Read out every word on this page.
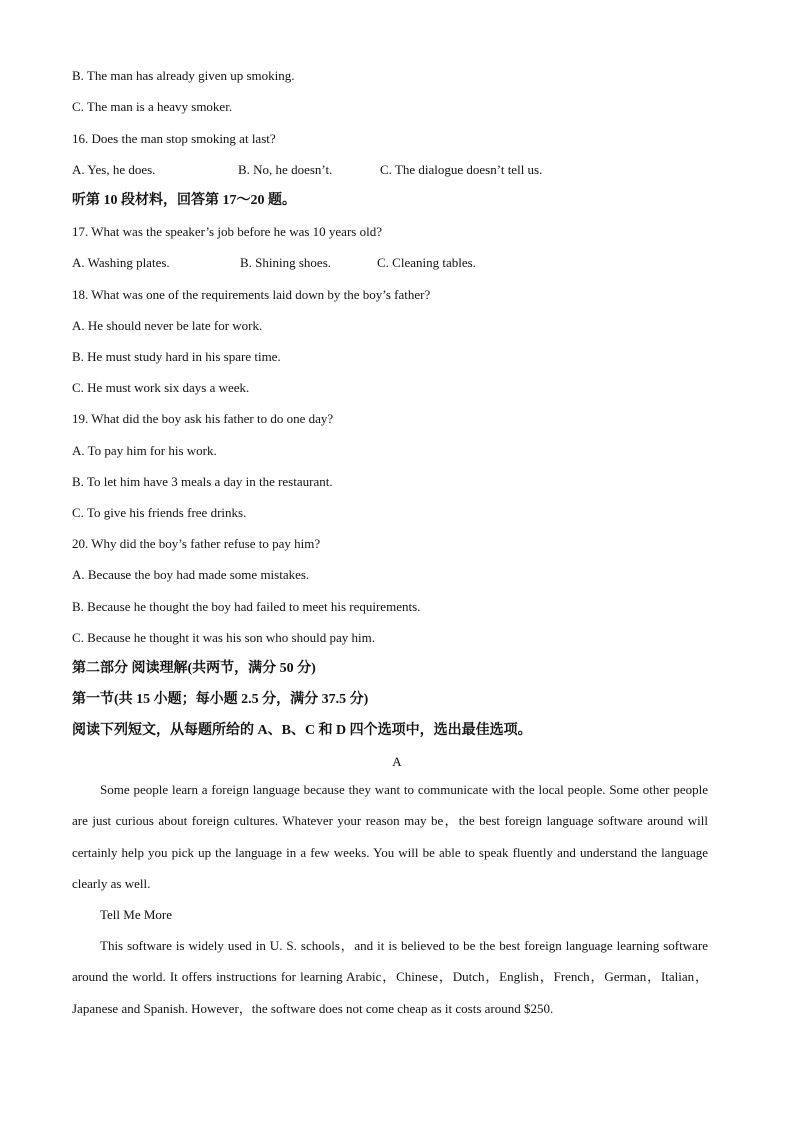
B. The man has already given up smoking.
C. The man is a heavy smoker.
16. Does the man stop smoking at last?
A. Yes, he does.	B. No, he doesn’t.	C. The dialogue doesn’t tell us.
听第 10 段材料，回答第 17～20 题。
17. What was the speaker’s job before he was 10 years old?
A. Washing plates.	B. Shining shoes.	C. Cleaning tables.
18. What was one of the requirements laid down by the boy’s father?
A. He should never be late for work.
B. He must study hard in his spare time.
C. He must work six days a week.
19. What did the boy ask his father to do one day?
A. To pay him for his work.
B. To let him have 3 meals a day in the restaurant.
C. To give his friends free drinks.
20. Why did the boy’s father refuse to pay him?
A. Because the boy had made some mistakes.
B. Because he thought the boy had failed to meet his requirements.
C. Because he thought it was his son who should pay him.
第二部分 阅读理解(共两节，满分 50 分)
第一节(共 15 小题；每小题 2.5 分，满分 37.5 分)
阅读下列短文，从每题所给的 A、B、C 和 D 四个选项中，选出最佳选项。
A
Some people learn a foreign language because they want to communicate with the local people. Some other people are just curious about foreign cultures. Whatever your reason may be，the best foreign language software around will certainly help you pick up the language in a few weeks. You will be able to speak fluently and understand the language clearly as well.
Tell Me More
This software is widely used in U. S. schools，and it is believed to be the best foreign language learning software around the world. It offers instructions for learning Arabic，Chinese，Dutch，English，French，German，Italian，Japanese and Spanish. However，the software does not come cheap as it costs around $250.
